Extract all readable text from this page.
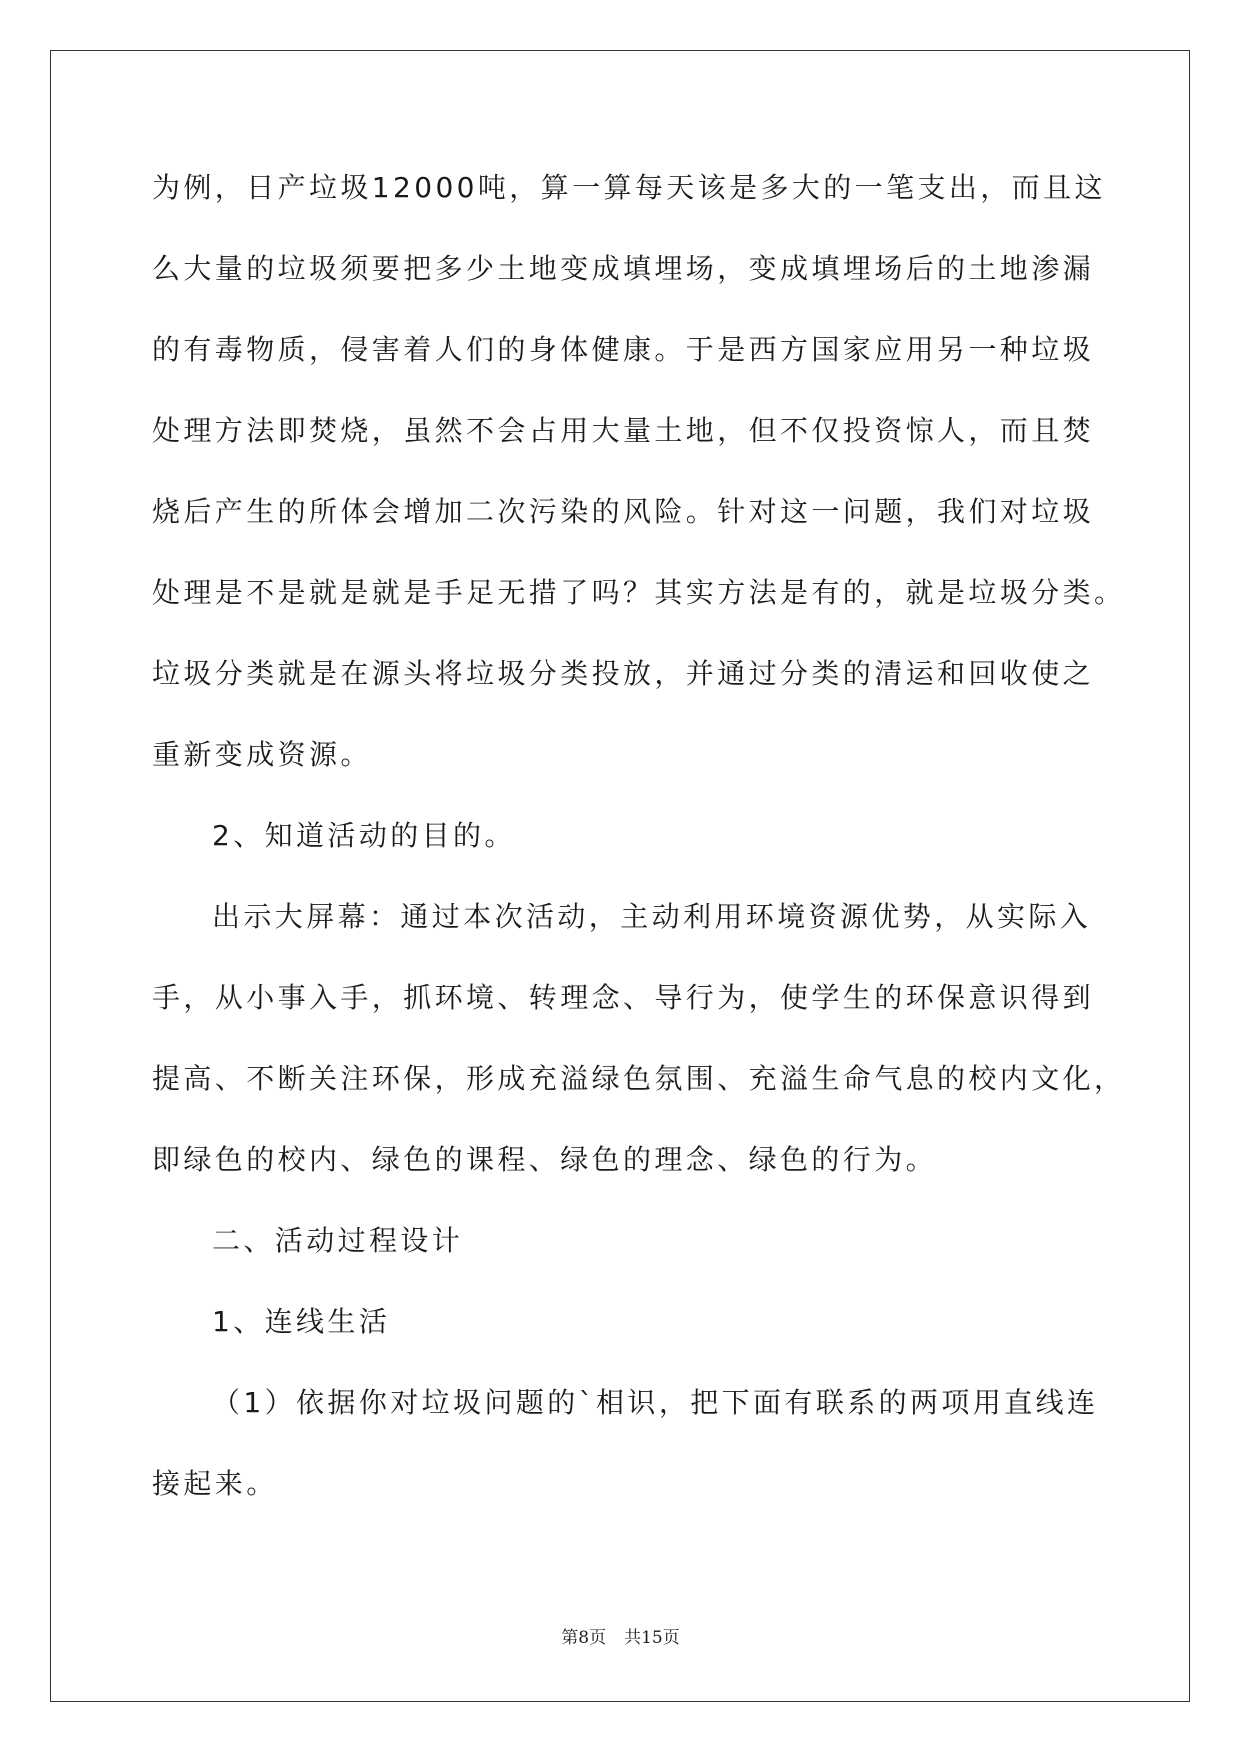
为例，日产垃圾12000吨，算一算每天该是多大的一笔支出，而且这
么大量的垃圾须要把多少土地变成填埋场，变成填埋场后的土地渗漏
的有毒物质，侵害着人们的身体健康。于是西方国家应用另一种垃圾
处理方法即焚烧，虽然不会占用大量土地，但不仅投资惊人，而且焚
烧后产生的所体会增加二次污染的风险。针对这一问题，我们对垃圾
处理是不是就是就是手足无措了吗？其实方法是有的，就是垃圾分类。
垃圾分类就是在源头将垃圾分类投放，并通过分类的清运和回收使之
重新变成资源。
2、知道活动的目的。
出示大屏幕：通过本次活动，主动利用环境资源优势，从实际入
手，从小事入手，抓环境、转理念、导行为，使学生的环保意识得到
提高、不断关注环保，形成充溢绿色氛围、充溢生命气息的校内文化，
即绿色的校内、绿色的课程、绿色的理念、绿色的行为。
二、活动过程设计
1、连线生活
（1）依据你对垃圾问题的`相识，把下面有联系的两项用直线连
接起来。
第8页 共15页
